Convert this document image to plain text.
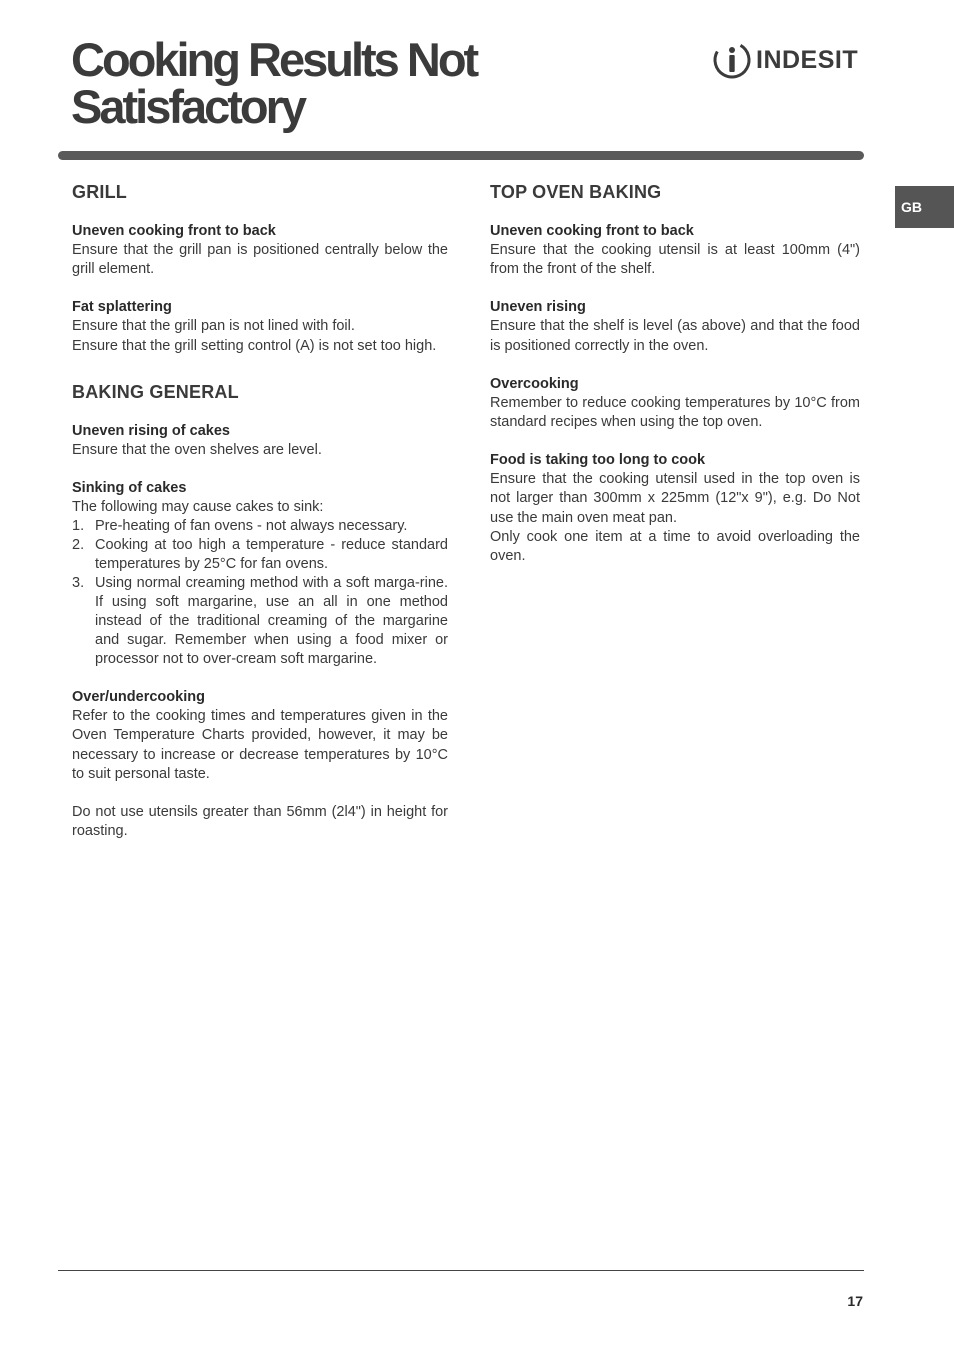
Cooking Results Not
Satisfactory
INDESIT
GB
GRILL

Uneven cooking front to back

Ensure that the grill pan is positioned centrally below the grill element.

Fat splattering

Ensure that the grill pan is not lined with foil.

Ensure that the grill setting control (A) is not set too high.

BAKING GENERAL

Uneven rising of cakes

Ensure that the oven shelves are level.

Sinking of cakes

The following may cause cakes to sink:

1. Pre-heating of fan ovens - not always necessary.
2. Cooking at too high a temperature - reduce standard temperatures by 25°C for fan ovens.
3. Using normal creaming method with a soft marga-rine. If using soft margarine, use an all in one method instead of the traditional creaming of the margarine and sugar. Remember when using a food mixer or processor not to over-cream soft margarine.

Over/undercooking

Refer to the cooking times and temperatures given in the Oven Temperature Charts provided, however, it may be necessary to increase or decrease temperatures by 10°C to suit personal taste.

Do not use utensils greater than 56mm (2l4") in height for roasting.

TOP OVEN BAKING

Uneven cooking front to back

Ensure that the cooking utensil is at least 100mm (4") from the front of the shelf.

Uneven rising

Ensure that the shelf is level (as above) and that the food is positioned correctly in the oven.

Overcooking

Remember to reduce cooking temperatures by 10°C from standard recipes when using the top oven.

Food is taking too long to cook

Ensure that the cooking utensil used in the top oven is not larger than 300mm x 225mm (12"x 9"), e.g. Do Not use the main oven meat pan.

Only cook one item at a time to avoid overloading the oven.

17
